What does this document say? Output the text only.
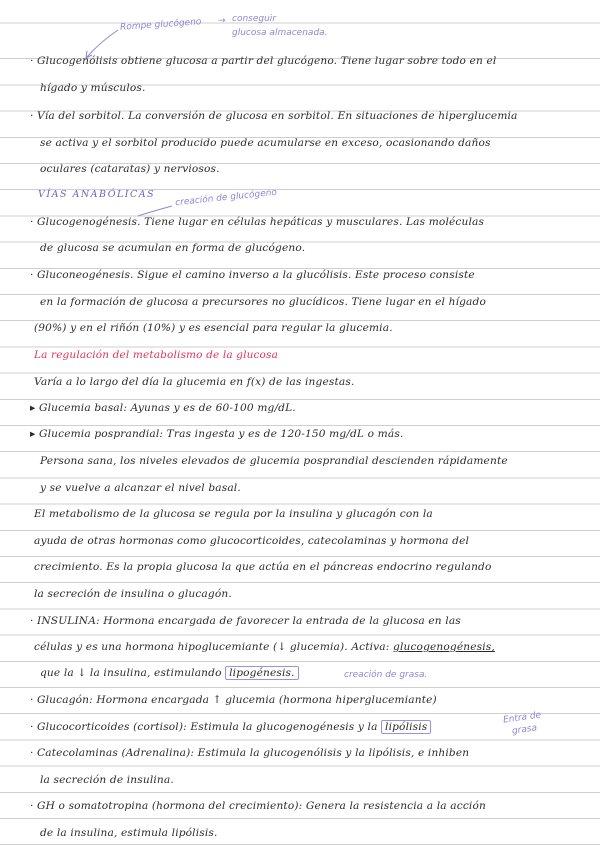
Rompe glucógeno → conseguir
glucosa almacenada.
· Glucogenólisis obtiene glucosa a partir del glucógeno. Tiene lugar sobre todo en el
hígado y músculos.
· Vía del sorbitol. La conversión de glucosa en sorbitol. En situaciones de hiperglucemia
se activa y el sorbitol producido puede acumularse en exceso, ocasionando daños
oculares (cataratas) y nerviosos.
VÍAS ANABÓLICAS	creación de glucógeno
· Glucogenogénesis. Tiene lugar en células hepáticas y musculares. Las moléculas
de glucosa se acumulan en forma de glucógeno.
· Gluconeogénesis. Sigue el camino inverso a la glucólisis. Este proceso consiste
en la formación de glucosa a precursores no glucídicos. Tiene lugar en el hígado
(90%) y en el riñón (10%) y es esencial para regular la glucemia.
La regulación del metabolismo de la glucosa
Varía a lo largo del día la glucemia en f(x) de las ingestas.
▸ Glucemia basal: Ayunas y es de 60-100 mg/dL.
▸ Glucemia posprandial: Tras ingesta y es de 120-150 mg/dL o más.
Persona sana, los niveles elevados de glucemia posprandial descienden rápidamente
y se vuelve a alcanzar el nivel basal.
El metabolismo de la glucosa se regula por la insulina y glucagón con la
ayuda de otras hormonas como glucocorticoides, catecolaminas y hormona del
crecimiento. Es la propia glucosa la que actúa en el páncreas endocrino regulando
la secreción de insulina o glucagón.
· INSULINA: Hormona encargada de favorecer la entrada de la glucosa en las
células y es una hormona hipoglucemiante (↓ glucemia). Activa: glucogenogénesis,
que la ↓ la insulina, estimulando lipogénesis.	creación de grasa.
· Glucagón: Hormona encargada ↑ glucemia (hormona hiperglucemiante)
· Glucocorticoides (cortisol): Estimula la glucogenogénesis y la lipólisis
Entra de
grasa
· Catecolaminas (Adrenalina): Estimula la glucogenólisis y la lipólisis, e inhiben
la secreción de insulina.
· GH o somatotropina (hormona del crecimiento): Genera la resistencia a la acción
de la insulina, estimula lipólisis.
